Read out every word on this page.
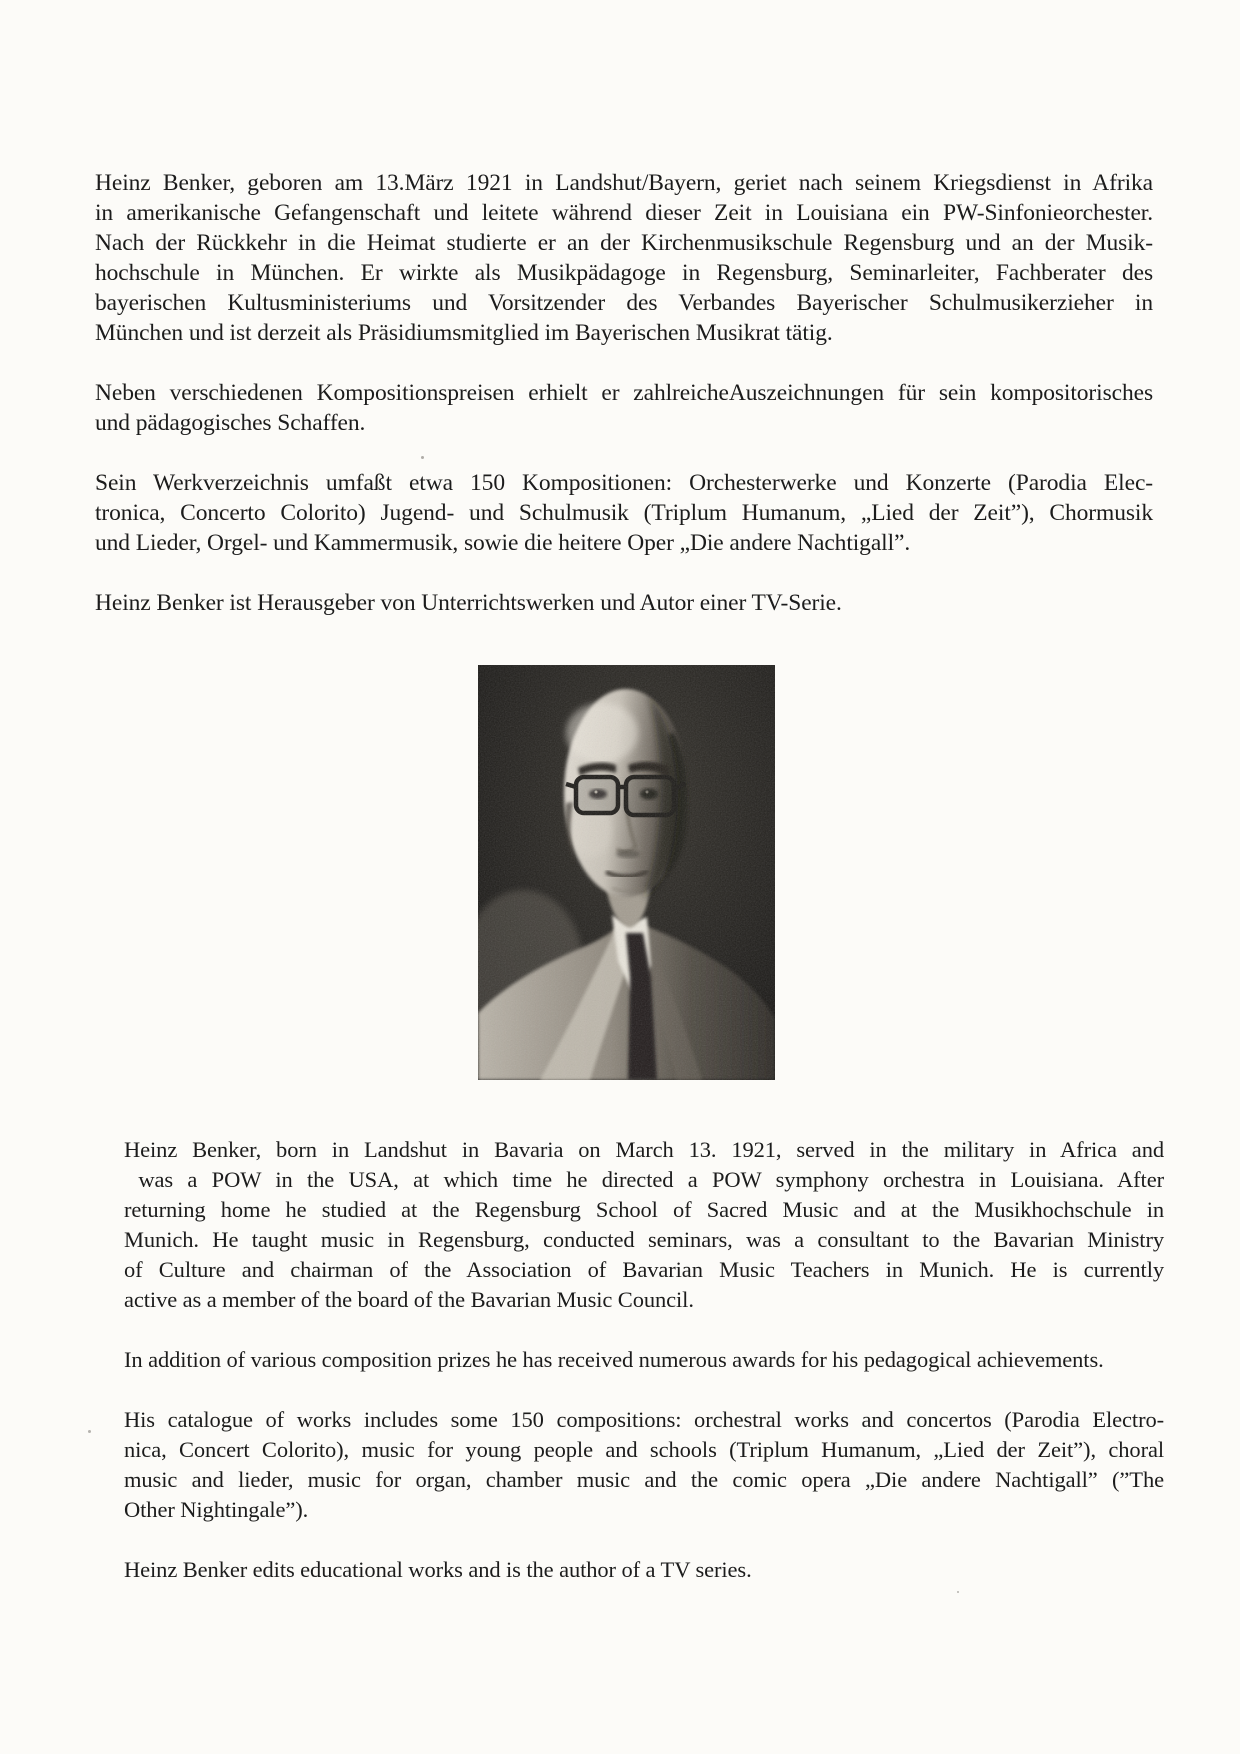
Heinz Benker, geboren am 13.März 1921 in Landshut/Bayern, geriet nach seinem Kriegsdienst in Afrika
in amerikanische Gefangenschaft und leitete während dieser Zeit in Louisiana ein PW-Sinfonieorchester.
Nach der Rückkehr in die Heimat studierte er an der Kirchenmusikschule Regensburg und an der Musik-
hochschule in München. Er wirkte als Musikpädagoge in Regensburg, Seminarleiter, Fachberater des
bayerischen Kultusministeriums und Vorsitzender des Verbandes Bayerischer Schulmusikerzieher in
München und ist derzeit als Präsidiumsmitglied im Bayerischen Musikrat tätig.
Neben verschiedenen Kompositionspreisen erhielt er zahlreicheAuszeichnungen für sein kompositorisches
und pädagogisches Schaffen.
Sein Werkverzeichnis umfaßt etwa 150 Kompositionen: Orchesterwerke und Konzerte (Parodia Elec-
tronica, Concerto Colorito) Jugend- und Schulmusik (Triplum Humanum, „Lied der Zeit”), Chormusik
und Lieder, Orgel- und Kammermusik, sowie die heitere Oper „Die andere Nachtigall”.
Heinz Benker ist Herausgeber von Unterrichtswerken und Autor einer TV-Serie.
Heinz Benker, born in Landshut in Bavaria on March 13. 1921, served in the military in Africa and
was a POW in the USA, at which time he directed a POW symphony orchestra in Louisiana. After
returning home he studied at the Regensburg School of Sacred Music and at the Musikhochschule in
Munich. He taught music in Regensburg, conducted seminars, was a consultant to the Bavarian Ministry
of Culture and chairman of the Association of Bavarian Music Teachers in Munich. He is currently
active as a member of the board of the Bavarian Music Council.
In addition of various composition prizes he has received numerous awards for his pedagogical achievements.
His catalogue of works includes some 150 compositions: orchestral works and concertos (Parodia Electro-
nica, Concert Colorito), music for young people and schools (Triplum Humanum, „Lied der Zeit”), choral
music and lieder, music for organ, chamber music and the comic opera „Die andere Nachtigall” (”The
Other Nightingale”).
Heinz Benker edits educational works and is the author of a TV series.
